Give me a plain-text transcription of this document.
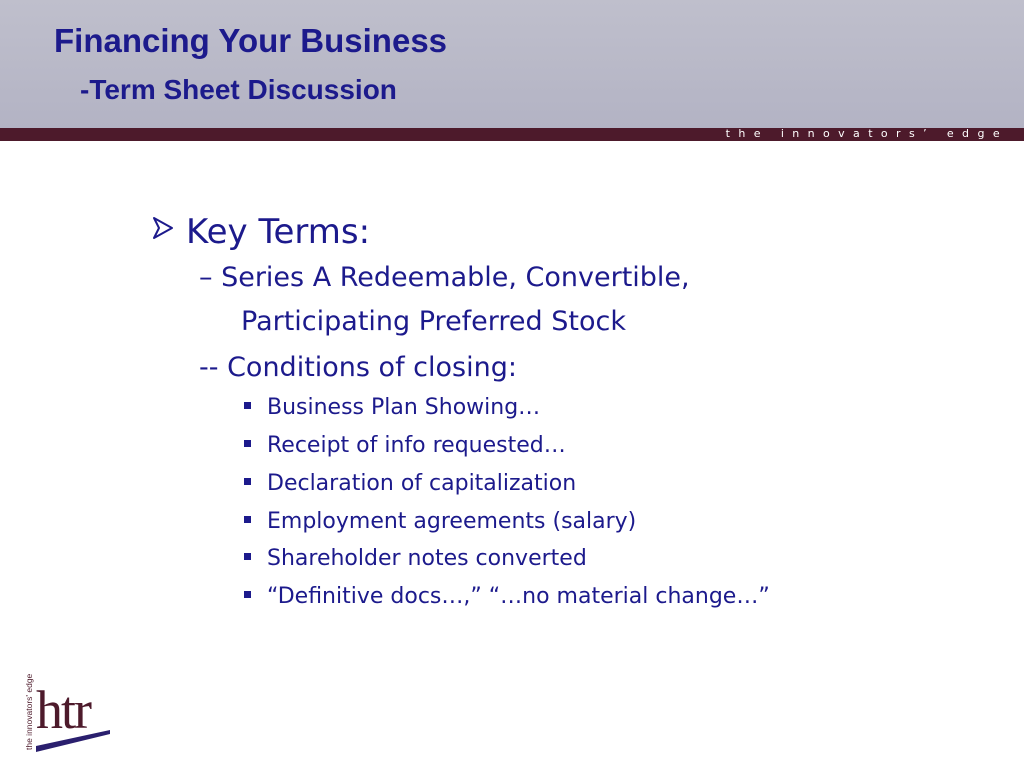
Financing Your Business
-Term Sheet Discussion
the innovators’ edge
Key Terms:
– Series A Redeemable, Convertible,
Participating Preferred Stock
-- Conditions of closing:
Business Plan Showing…
Receipt of info requested…
Declaration of capitalization
Employment agreements (salary)
Shareholder notes converted
“Definitive docs…,” “…no material change…”
the innovators' edge htr
